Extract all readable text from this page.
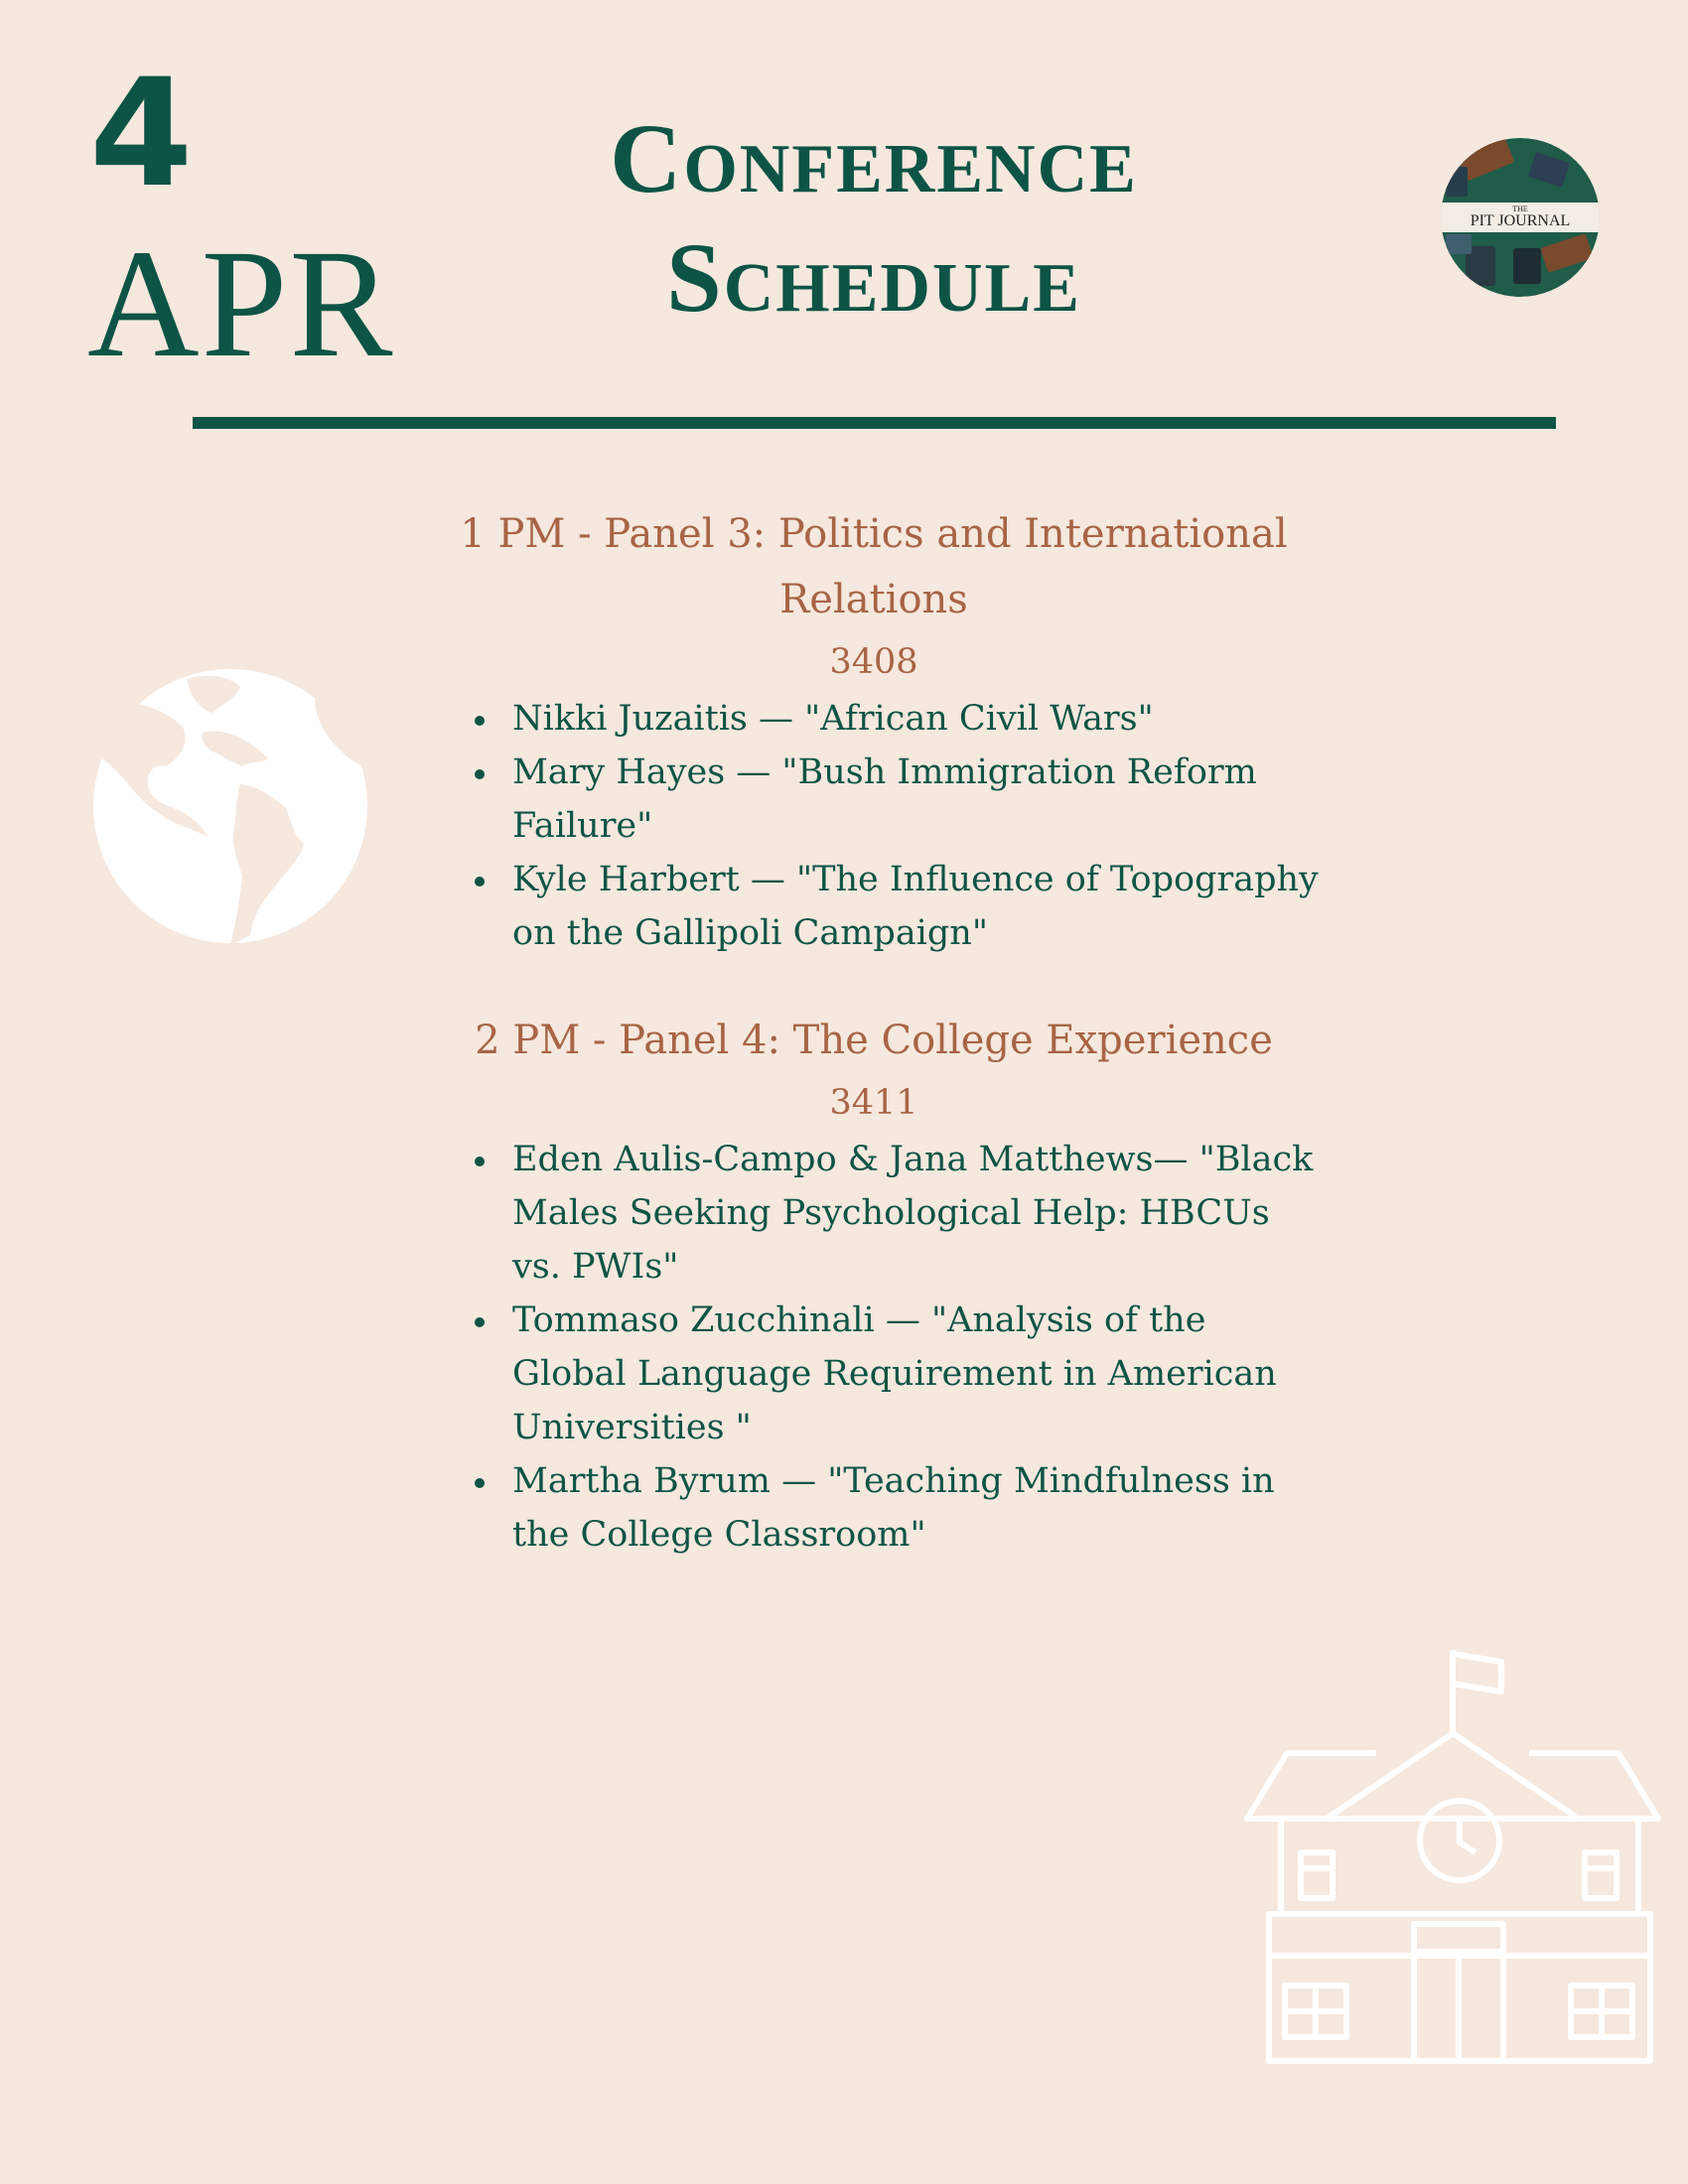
4
APR
Conference
Schedule
THE
PIT JOURNAL
1 PM - Panel 3: Politics and International Relations

3408

Nikki Juzaitis — "African Civil Wars"
Mary Hayes — "Bush Immigration Reform Failure"
Kyle Harbert — "The Influence of Topography on the Gallipoli Campaign"
2 PM - Panel 4: The College Experience

3411

Eden Aulis-Campo & Jana Matthews— "Black Males Seeking Psychological Help: HBCUs vs. PWIs"
Tommaso Zucchinali — "Analysis of the Global Language Requirement in American Universities "
Martha Byrum — "Teaching Mindfulness in the College Classroom"
